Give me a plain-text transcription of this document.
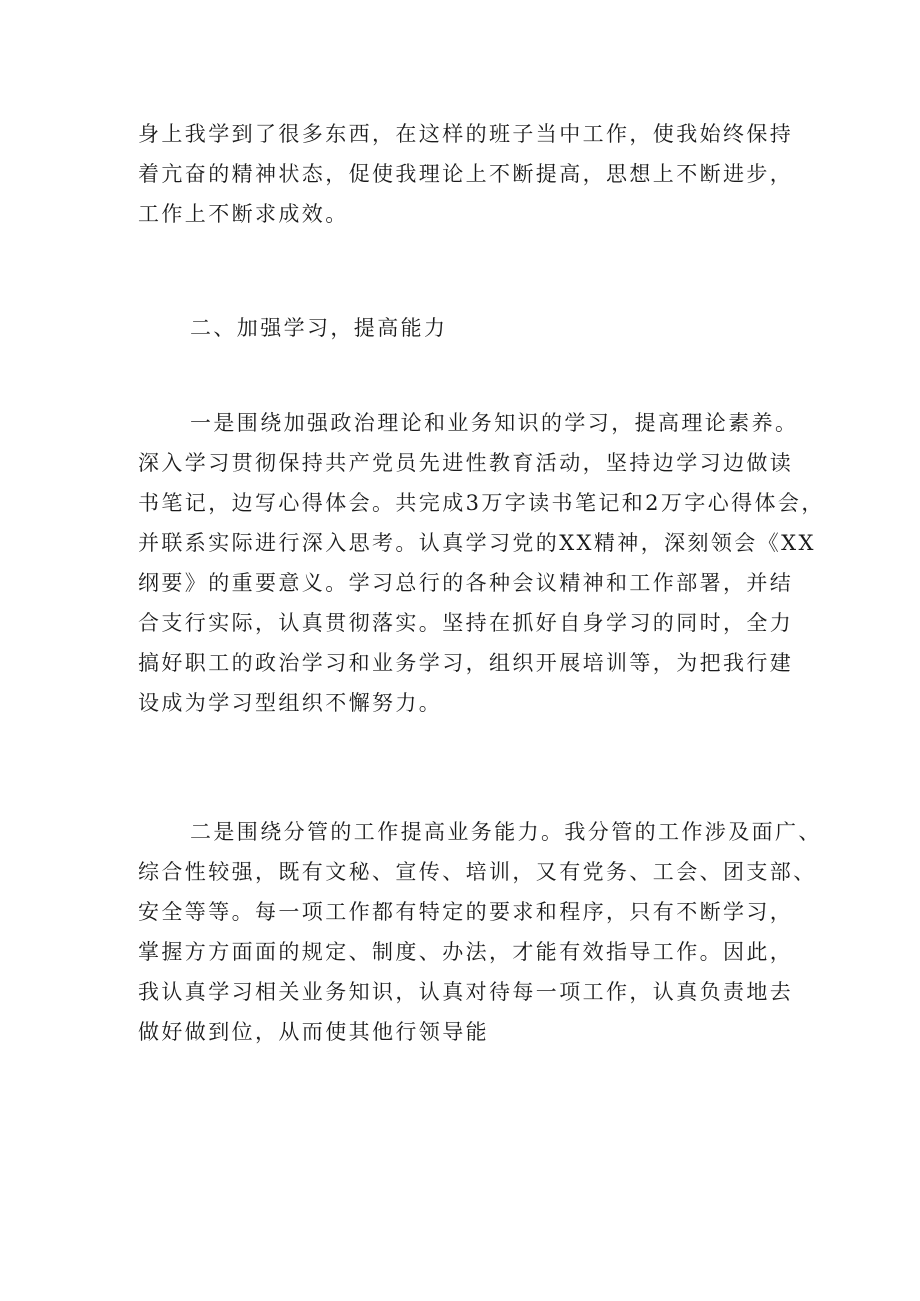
身上我学到了很多东西，在这样的班子当中工作，使我始终保持
着亢奋的精神状态，促使我理论上不断提高，思想上不断进步，
工作上不断求成效。
二、加强学习，提高能力
一是围绕加强政治理论和业务知识的学习，提高理论素养。
深入学习贯彻保持共产党员先进性教育活动，坚持边学习边做读
书笔记，边写心得体会。共完成3万字读书笔记和2万字心得体会，
并联系实际进行深入思考。认真学习党的XX精神，深刻领会《XX
纲要》的重要意义。学习总行的各种会议精神和工作部署，并结
合支行实际，认真贯彻落实。坚持在抓好自身学习的同时，全力
搞好职工的政治学习和业务学习，组织开展培训等，为把我行建
设成为学习型组织不懈努力。
二是围绕分管的工作提高业务能力。我分管的工作涉及面广、
综合性较强，既有文秘、宣传、培训，又有党务、工会、团支部、
安全等等。每一项工作都有特定的要求和程序，只有不断学习，
掌握方方面面的规定、制度、办法，才能有效指导工作。因此，
我认真学习相关业务知识，认真对待每一项工作，认真负责地去
做好做到位，从而使其他行领导能
